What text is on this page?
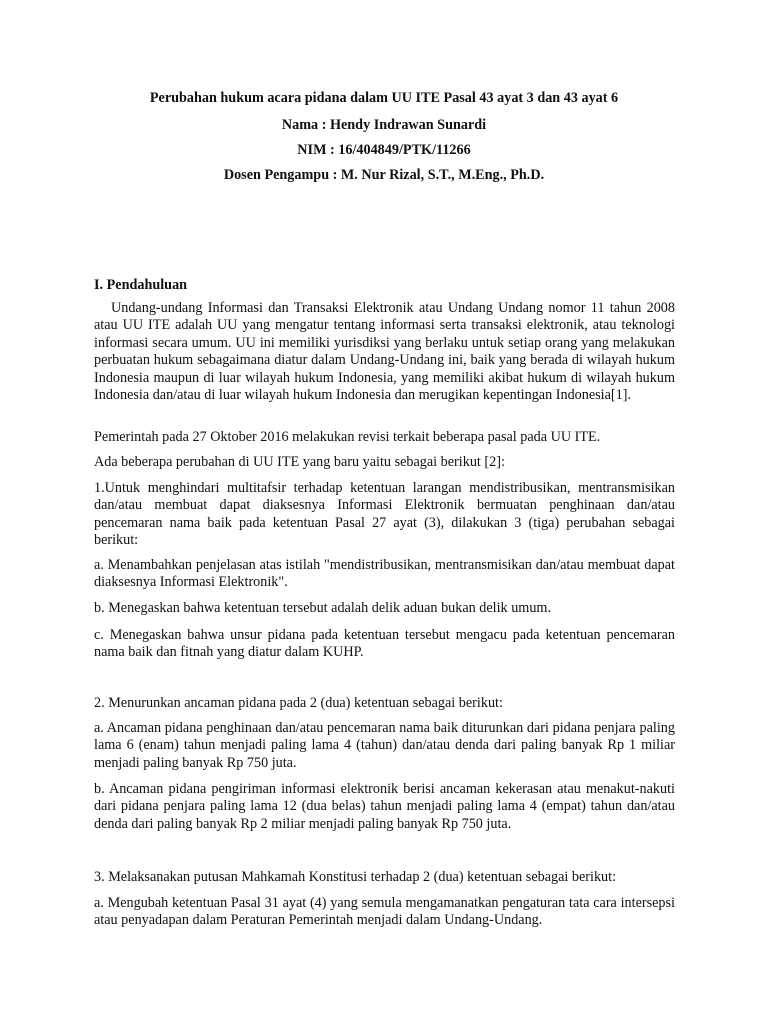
Perubahan hukum acara pidana dalam UU ITE Pasal 43 ayat 3 dan 43 ayat 6
Nama : Hendy Indrawan Sunardi
NIM : 16/404849/PTK/11266
Dosen Pengampu : M. Nur Rizal, S.T., M.Eng., Ph.D.
I. Pendahuluan
Undang-undang Informasi dan Transaksi Elektronik atau Undang Undang nomor 11 tahun 2008 atau UU ITE adalah UU yang mengatur tentang informasi serta transaksi elektronik, atau teknologi informasi secara umum. UU ini memiliki yurisdiksi yang berlaku untuk setiap orang yang melakukan perbuatan hukum sebagaimana diatur dalam Undang-Undang ini, baik yang berada di wilayah hukum Indonesia maupun di luar wilayah hukum Indonesia, yang memiliki akibat hukum di wilayah hukum Indonesia dan/atau di luar wilayah hukum Indonesia dan merugikan kepentingan Indonesia[1].
Pemerintah pada 27 Oktober 2016 melakukan revisi terkait beberapa pasal pada UU ITE.
Ada beberapa perubahan di UU ITE yang baru yaitu sebagai berikut [2]:
1.Untuk menghindari multitafsir terhadap ketentuan larangan mendistribusikan, mentransmisikan dan/atau membuat dapat diaksesnya Informasi Elektronik bermuatan penghinaan dan/atau pencemaran nama baik pada ketentuan Pasal 27 ayat (3), dilakukan 3 (tiga) perubahan sebagai berikut:
a. Menambahkan penjelasan atas istilah "mendistribusikan, mentransmisikan dan/atau membuat dapat diaksesnya Informasi Elektronik".
b. Menegaskan bahwa ketentuan tersebut adalah delik aduan bukan delik umum.
c. Menegaskan bahwa unsur pidana pada ketentuan tersebut mengacu pada ketentuan pencemaran nama baik dan fitnah yang diatur dalam KUHP.
2. Menurunkan ancaman pidana pada 2 (dua) ketentuan sebagai berikut:
a. Ancaman pidana penghinaan dan/atau pencemaran nama baik diturunkan dari pidana penjara paling lama 6 (enam) tahun menjadi paling lama 4 (tahun) dan/atau denda dari paling banyak Rp 1 miliar menjadi paling banyak Rp 750 juta.
b. Ancaman pidana pengiriman informasi elektronik berisi ancaman kekerasan atau menakut-nakuti dari pidana penjara paling lama 12 (dua belas) tahun menjadi paling lama 4 (empat) tahun dan/atau denda dari paling banyak Rp 2 miliar menjadi paling banyak Rp 750 juta.
3. Melaksanakan putusan Mahkamah Konstitusi terhadap 2 (dua) ketentuan sebagai berikut:
a. Mengubah ketentuan Pasal 31 ayat (4) yang semula mengamanatkan pengaturan tata cara intersepsi atau penyadapan dalam Peraturan Pemerintah menjadi dalam Undang-Undang.
